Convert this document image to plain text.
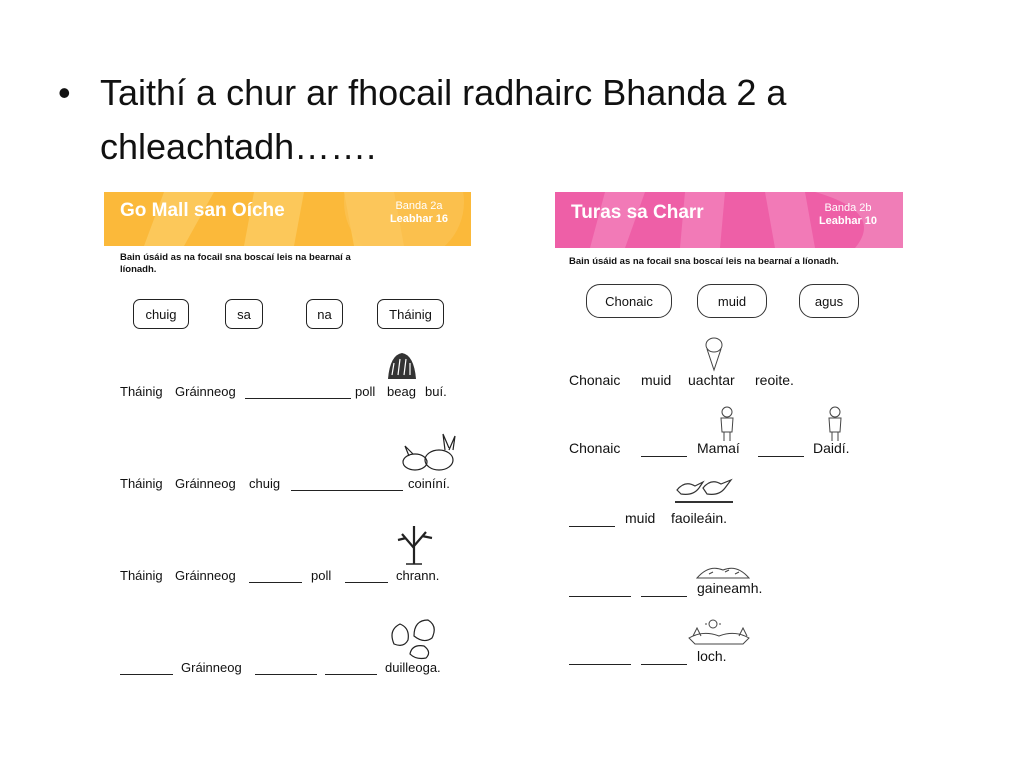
• Taithí a chur ar fhocail radhairc Bhanda 2 a
chleachtadh…….
Go Mall san Oíche	Banda 2a
Leabhar 16
Bain úsáid as na focail sna boscaí leis na bearnaí a
líonadh.
chuig	sa	na	Tháinig
Tháinig Gráinneog	poll beag buí.
Tháinig Gráinneog chuig	coiníní.
Tháinig Gráinneog	poll	chrann.
Gráinneog	duilleoga.
Turas sa Charr	Banda 2b
Leabhar 10
Bain úsáid as na focail sna boscaí leis na bearnaí a líonadh.
Chonaic	muid	agus
Chonaic muid uachtar reoite.
Chonaic	Mamaí	Daidí.
muid faoileáin.
gaineamh.
loch.
